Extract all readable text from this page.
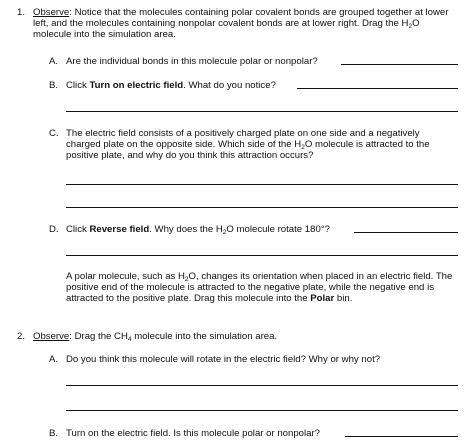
1. Observe: Notice that the molecules containing polar covalent bonds are grouped together at lower left, and the molecules containing nonpolar covalent bonds are at lower right. Drag the $H_2O$ molecule into the simulation area.
A. Are the individual bonds in this molecule polar or nonpolar?
B. Click Turn on electric field. What do you notice?
C. The electric field consists of a positively charged plate on one side and a negatively charged plate on the opposite side. Which side of the $H_2O$ molecule is attracted to the positive plate, and why do you think this attraction occurs?
D. Click Reverse field. Why does the $H_2O$ molecule rotate 180°?
A polar molecule, such as $H_2O$, changes its orientation when placed in an electric field. The positive end of the molecule is attracted to the negative plate, while the negative end is attracted to the positive plate. Drag this molecule into the Polar bin.
2. Observe: Drag the $CH_4$ molecule into the simulation area.
A. Do you think this molecule will rotate in the electric field? Why or why not?
B. Turn on the electric field. Is this molecule polar or nonpolar?
